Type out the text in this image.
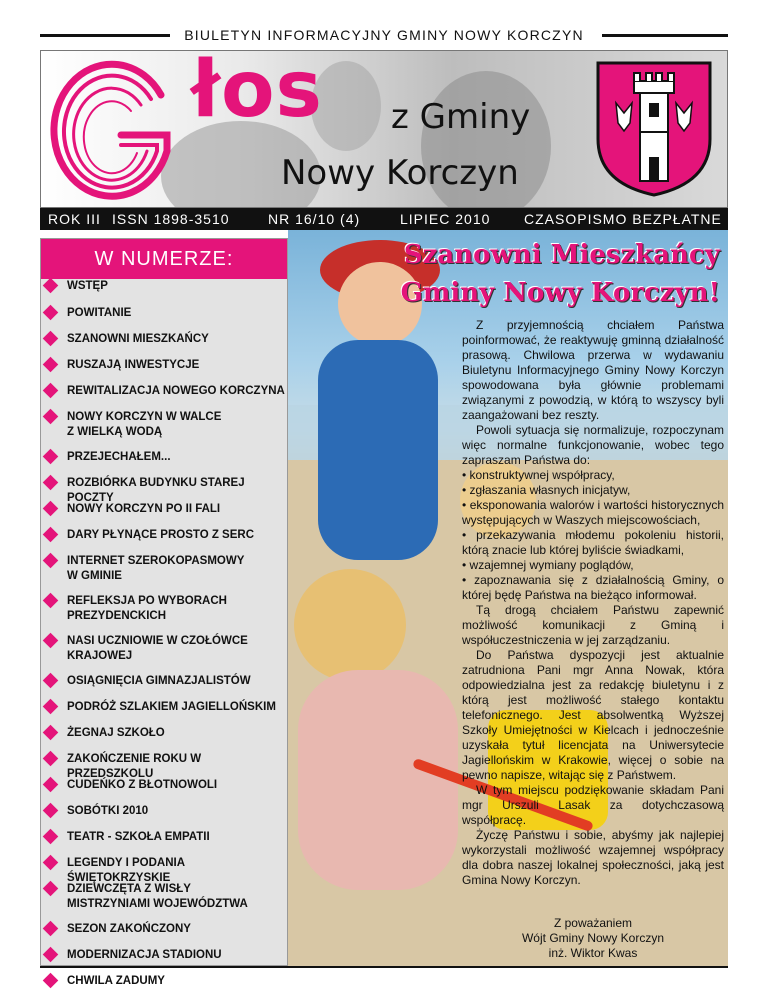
BIULETYN INFORMACYJNY GMINY NOWY KORCZYN
łos z Gminy
Nowy Korczyn
ROK III ISSN 1898-3510	NR 16/10 (4)	LIPIEC 2010 CZASOPISMO BEZPŁATNE
W NUMERZE:
WSTĘP
POWITANIE
SZANOWNI MIESZKAŃCY
RUSZAJĄ INWESTYCJE
REWITALIZACJA NOWEGO KORCZYNA
NOWY KORCZYN W WALCE
Z WIELKĄ WODĄ
PRZEJECHAŁEM...
ROZBIÓRKA BUDYNKU STAREJ POCZTY
NOWY KORCZYN PO II FALI
DARY PŁYNĄCE PROSTO Z SERC
INTERNET SZEROKOPASMOWY
W GMINIE
REFLEKSJA PO WYBORACH
PREZYDENCKICH
NASI UCZNIOWIE W CZOŁÓWCE
KRAJOWEJ
OSIĄGNIĘCIA GIMNAZJALISTÓW
PODRÓŻ SZLAKIEM JAGIELLOŃSKIM
ŻEGNAJ SZKOŁO
ZAKOŃCZENIE ROKU W PRZEDSZKOLU
CUDEŃKO Z BŁOTNOWOLI
SOBÓTKI 2010
TEATR - SZKOŁA EMPATII
LEGENDY I PODANIA ŚWIĘTOKRZYSKIE
DZIEWCZĘTA Z WISŁY
MISTRZYNIAMI WOJEWÓDZTWA
SEZON ZAKOŃCZONY
MODERNIZACJA STADIONU
CHWILA ZADUMY
Szanowni Mieszkańcy
Gminy Nowy Korczyn!

Z przyjemnością chciałem Państwa poinformować, że reaktywuję gminną działalność prasową. Chwilowa przerwa w wydawaniu Biuletynu Informacyjnego Gminy Nowy Korczyn spowodowana była głównie problemami związanymi z powodzią, w którą to wszyscy byli zaangażowani bez reszty.

Powoli sytuacja się normalizuje, rozpoczynam więc normalne funkcjonowanie, wobec tego zapraszam Państwa do:

• konstruktywnej współpracy,
• zgłaszania własnych inicjatyw,
• eksponowania walorów i wartości historycznych występujących w Waszych miejscowościach,
• przekazywania młodemu pokoleniu historii, którą znacie lub której byliście świadkami,
• wzajemnej wymiany poglądów,
• zapoznawania się z działalnością Gminy, o której będę Państwa na bieżąco informował.

Tą drogą chciałem Państwu zapewnić możliwość komunikacji z Gminą i współuczestniczenia w jej zarządzaniu.

Do Państwa dyspozycji jest aktualnie zatrudniona Pani mgr Anna Nowak, która odpowiedzialna jest za redakcję biuletynu i z którą jest możliwość stałego kontaktu telefonicznego. Jest absolwentką Wyższej Szkoły Umiejętności w Kielcach i jednocześnie uzyskała tytuł licencjata na Uniwersytecie Jagiellońskim w Krakowie, więcej o sobie na pewno napisze, witając się z Państwem.

W tym miejscu podziękowanie składam Pani mgr Urszuli Lasak za dotychczasową współpracę.

Życzę Państwu i sobie, abyśmy jak najlepiej wykorzystali możliwość wzajemnej współpracy dla dobra naszej lokalnej społeczności, jaką jest Gmina Nowy Korczyn.

Z poważaniem
Wójt Gminy Nowy Korczyn
inż. Wiktor Kwas
